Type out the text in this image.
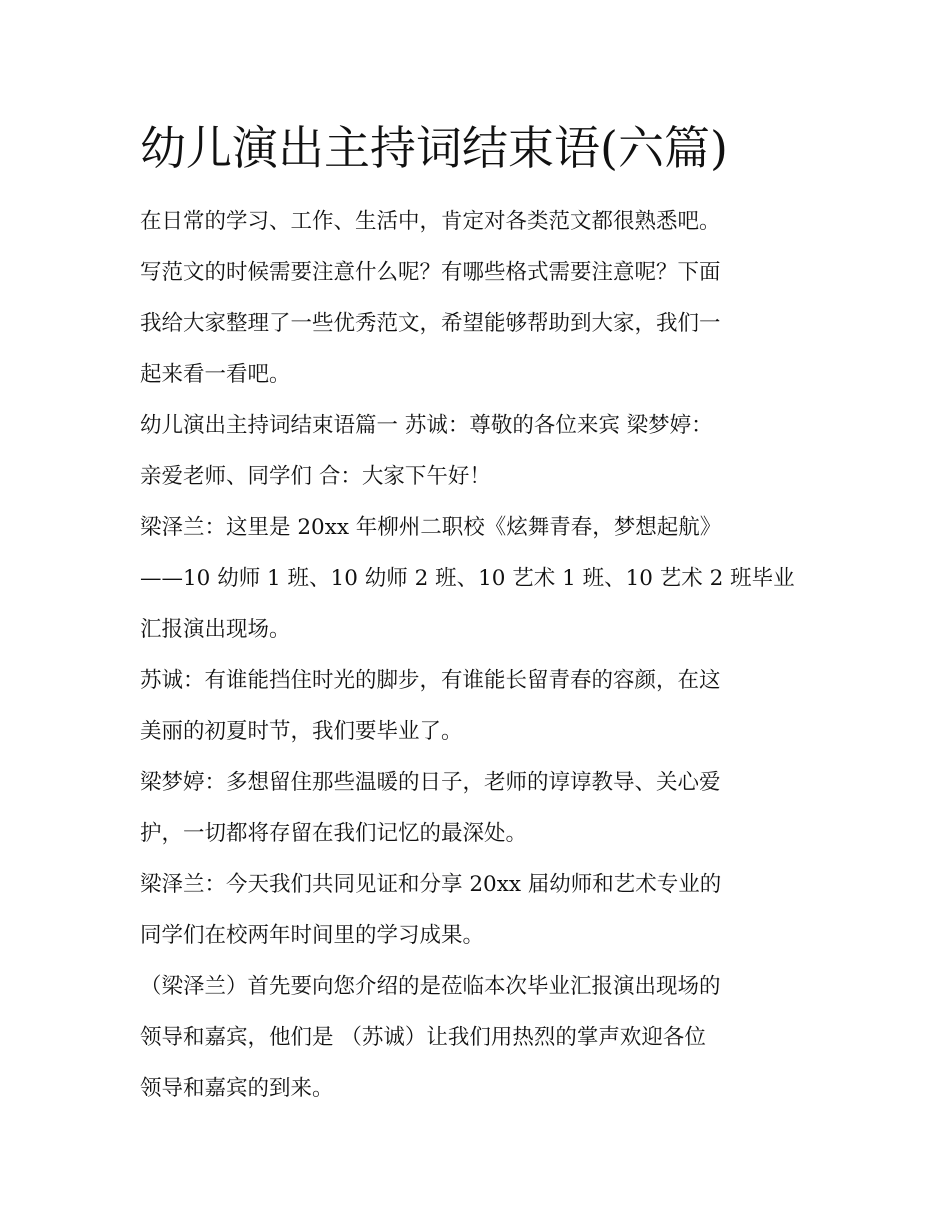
幼儿演出主持词结束语(六篇)
在日常的学习、工作、生活中，肯定对各类范文都很熟悉吧。
写范文的时候需要注意什么呢？有哪些格式需要注意呢？下面
我给大家整理了一些优秀范文，希望能够帮助到大家，我们一
起来看一看吧。
幼儿演出主持词结束语篇一 苏诚：尊敬的各位来宾 梁梦婷：
亲爱老师、同学们 合：大家下午好！
梁泽兰：这里是 20xx 年柳州二职校《炫舞青春，梦想起航》
——10 幼师 1 班、10 幼师 2 班、10 艺术 1 班、10 艺术 2 班毕业
汇报演出现场。
苏诚：有谁能挡住时光的脚步，有谁能长留青春的容颜，在这
美丽的初夏时节，我们要毕业了。
梁梦婷：多想留住那些温暖的日子，老师的谆谆教导、关心爱
护，一切都将存留在我们记忆的最深处。
梁泽兰：今天我们共同见证和分享 20xx 届幼师和艺术专业的
同学们在校两年时间里的学习成果。
（梁泽兰）首先要向您介绍的是莅临本次毕业汇报演出现场的
领导和嘉宾，他们是 （苏诚）让我们用热烈的掌声欢迎各位
领导和嘉宾的到来。
